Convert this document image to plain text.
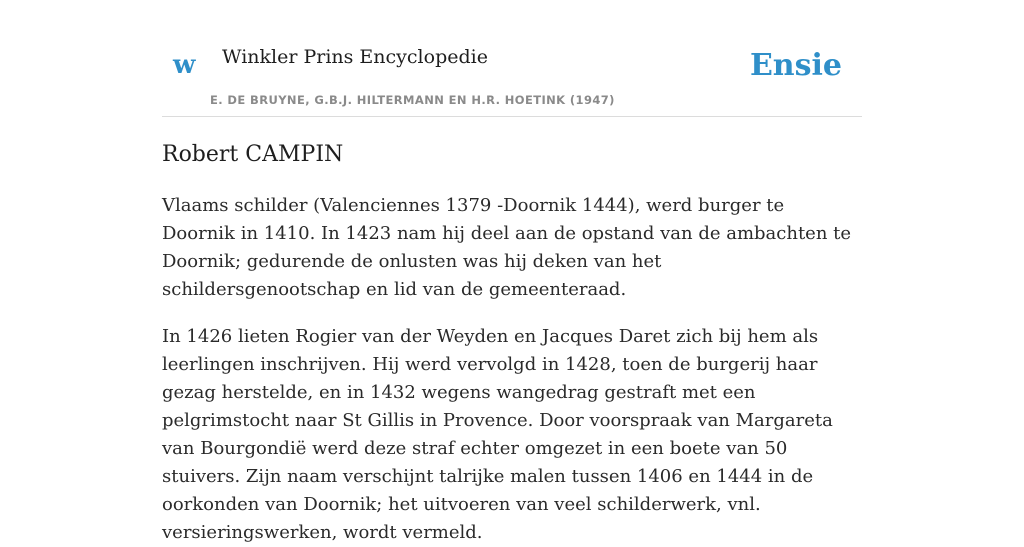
w Winkler Prins Encyclopedie
E. DE BRUYNE, G.B.J. HILTERMANN EN H.R. HOETINK (1947)
Ensie
Robert CAMPIN

Vlaams schilder (Valenciennes 1379 -Doornik 1444), werd burger te Doornik in 1410. In 1423 nam hij deel aan de opstand van de ambachten te Doornik; gedurende de onlusten was hij deken van het schildersgenootschap en lid van de gemeenteraad.

In 1426 lieten Rogier van der Weyden en Jacques Daret zich bij hem als leerlingen inschrijven. Hij werd vervolgd in 1428, toen de burgerij haar gezag herstelde, en in 1432 wegens wangedrag gestraft met een pelgrimstocht naar St Gillis in Provence. Door voorspraak van Margareta van Bourgondië werd deze straf echter omgezet in een boete van 50 stuivers. Zijn naam verschijnt talrijke malen tussen 1406 en 1444 in de oorkonden van Doornik; het uitvoeren van veel schilderwerk, vnl. versieringswerken, wordt vermeld.
